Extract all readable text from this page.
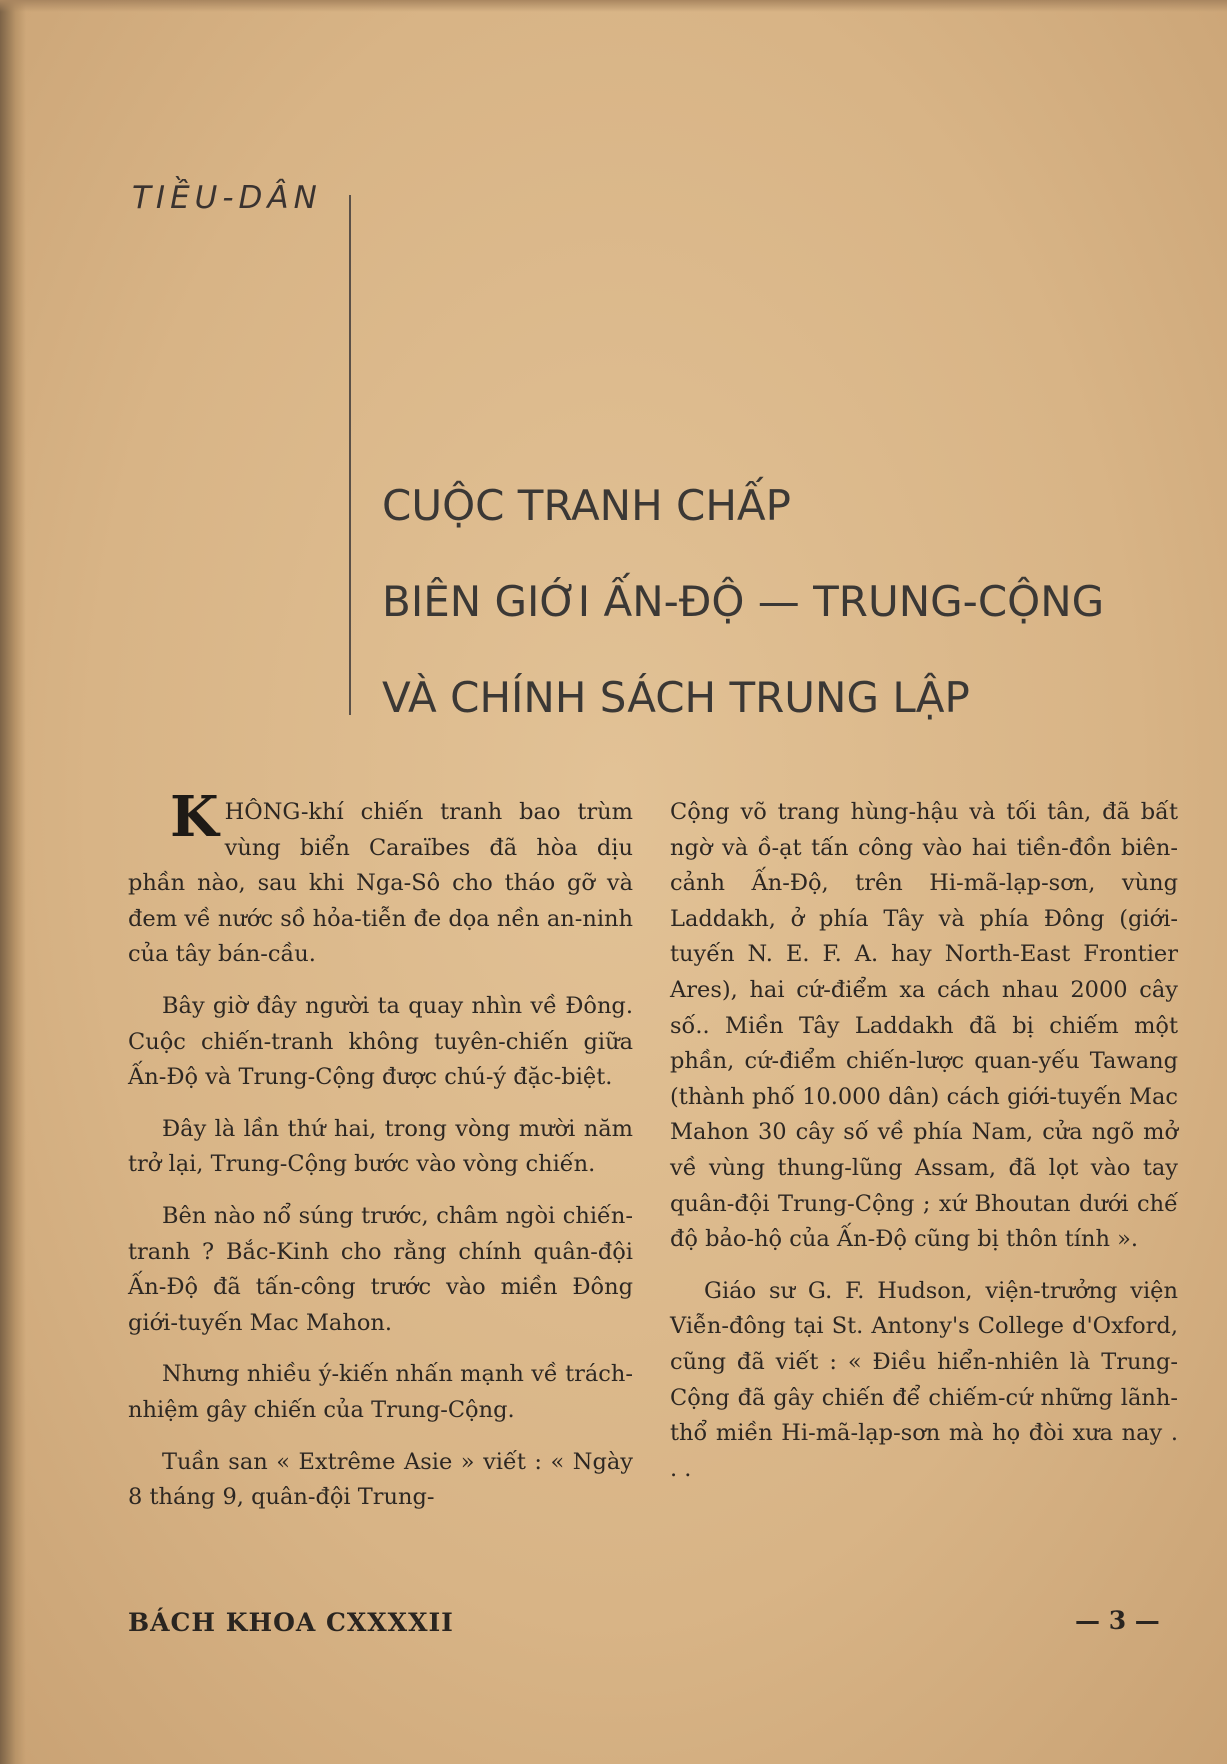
TIỀU-DÂN
CUỘC TRANH CHẤP
BIÊN GIỚI ẤN-ĐỘ — TRUNG-CỘNG
VÀ CHÍNH SÁCH TRUNG LẬP

KHÔNG-khí chiến tranh bao trùm vùng biển Caraïbes đã hòa dịu phần nào, sau khi Nga-Sô cho tháo gỡ và đem về nước sồ hỏa-tiễn đe dọa nền an-ninh của tây bán-cầu.

Bây giờ đây người ta quay nhìn về Đông. Cuộc chiến-tranh không tuyên-chiến giữa Ấn-Độ và Trung-Cộng được chú-ý đặc-biệt.

Đây là lần thứ hai, trong vòng mười năm trở lại, Trung-Cộng bước vào vòng chiến.

Bên nào nổ súng trước, châm ngòi chiến-tranh ? Bắc-Kinh cho rằng chính quân-đội Ấn-Độ đã tấn-công trước vào miền Đông giới-tuyến Mac Mahon.

Nhưng nhiều ý-kiến nhấn mạnh về trách-nhiệm gây chiến của Trung-Cộng.

Tuần san « Extrême Asie » viết : « Ngày 8 tháng 9, quân-đội Trung-

Cộng võ trang hùng-hậu và tối tân, đã bất ngờ và ồ-ạt tấn công vào hai tiền-đồn biên-cảnh Ấn-Độ, trên Hi-mã-lạp-sơn, vùng Laddakh, ở phía Tây và phía Đông (giới-tuyến N. E. F. A. hay North-East Frontier Ares), hai cứ-điểm xa cách nhau 2000 cây số.. Miền Tây Laddakh đã bị chiếm một phần, cứ-điểm chiến-lược quan-yếu Tawang (thành phố 10.000 dân) cách giới-tuyến Mac Mahon 30 cây số về phía Nam, cửa ngõ mở về vùng thung-lũng Assam, đã lọt vào tay quân-đội Trung-Cộng ; xứ Bhoutan dưới chế độ bảo-hộ của Ấn-Độ cũng bị thôn tính ».

Giáo sư G. F. Hudson, viện-trưởng viện Viễn-đông tại St. Antony's College d'Oxford, cũng đã viết : « Điều hiển-nhiên là Trung-Cộng đã gây chiến để chiếm-cứ những lãnh-thổ miền Hi-mã-lạp-sơn mà họ đòi xưa nay . . .

BÁCH KHOA CXXXXII	— 3 —
